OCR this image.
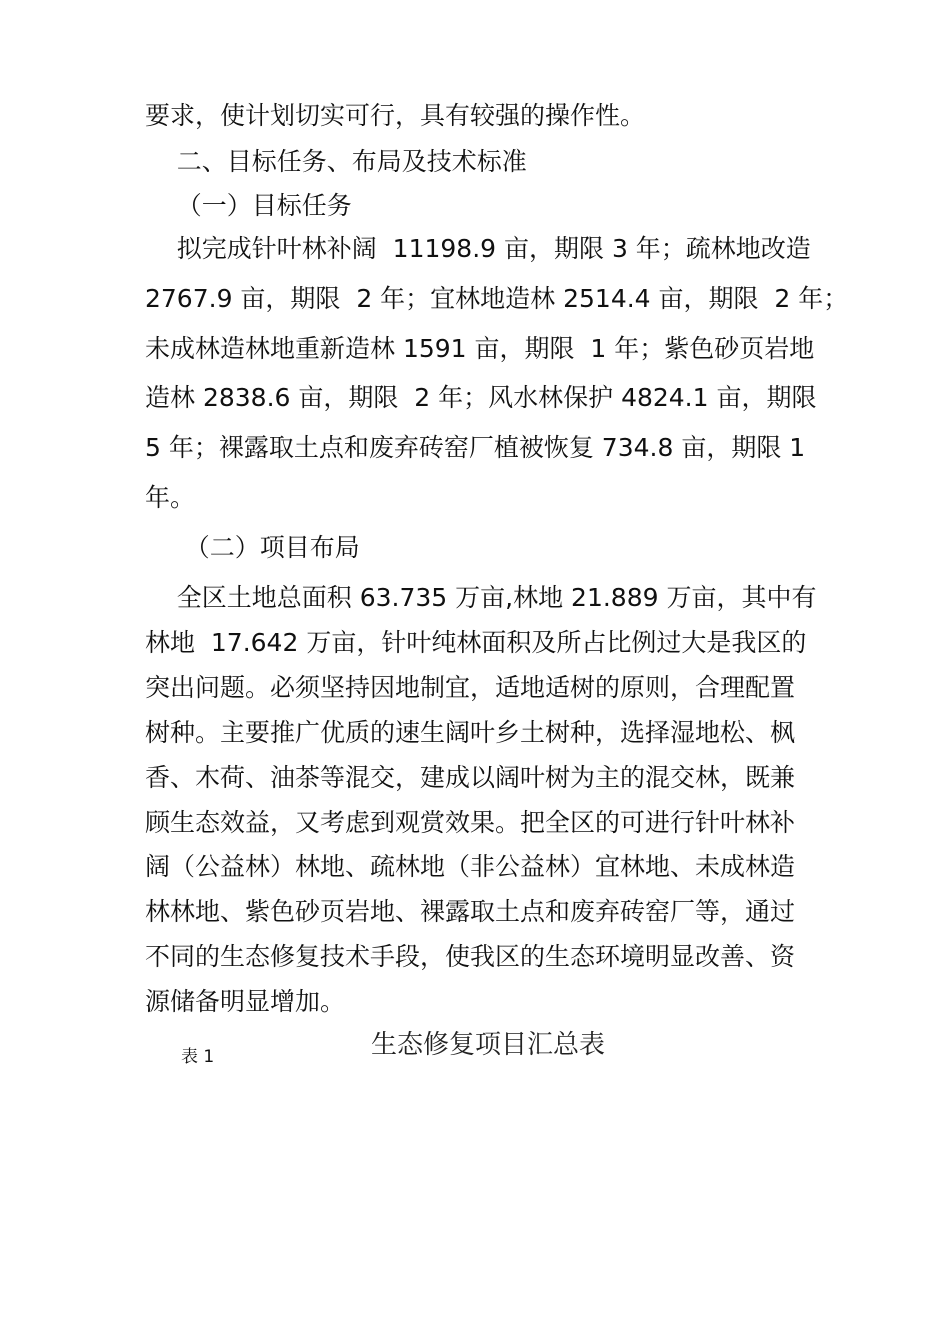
要求，使计划切实可行，具有较强的操作性。

二、目标任务、布局及技术标准

（一）目标任务

拟完成针叶林补阔  11198.9 亩，期限 3 年；疏林地改造

2767.9 亩，期限  2 年；宜林地造林 2514.4 亩，期限  2 年；

未成林造林地重新造林 1591 亩，期限  1 年；紫色砂页岩地

造林 2838.6 亩，期限  2 年；风水林保护 4824.1 亩，期限

5 年；裸露取土点和废弃砖窑厂植被恢复 734.8 亩，期限 1

年。

（二）项目布局

全区土地总面积 63.735 万亩,林地 21.889 万亩，其中有

林地  17.642 万亩，针叶纯林面积及所占比例过大是我区的

突出问题。必须坚持因地制宜，适地适树的原则，合理配置

树种。主要推广优质的速生阔叶乡土树种，选择湿地松、枫

香、木荷、油茶等混交，建成以阔叶树为主的混交林，既兼

顾生态效益，又考虑到观赏效果。把全区的可进行针叶林补

阔（公益林）林地、疏林地（非公益林）宜林地、未成林造

林林地、紫色砂页岩地、裸露取土点和废弃砖窑厂等，通过

不同的生态修复技术手段，使我区的生态环境明显改善、资

源储备明显增加。

表 1	生态修复项目汇总表
